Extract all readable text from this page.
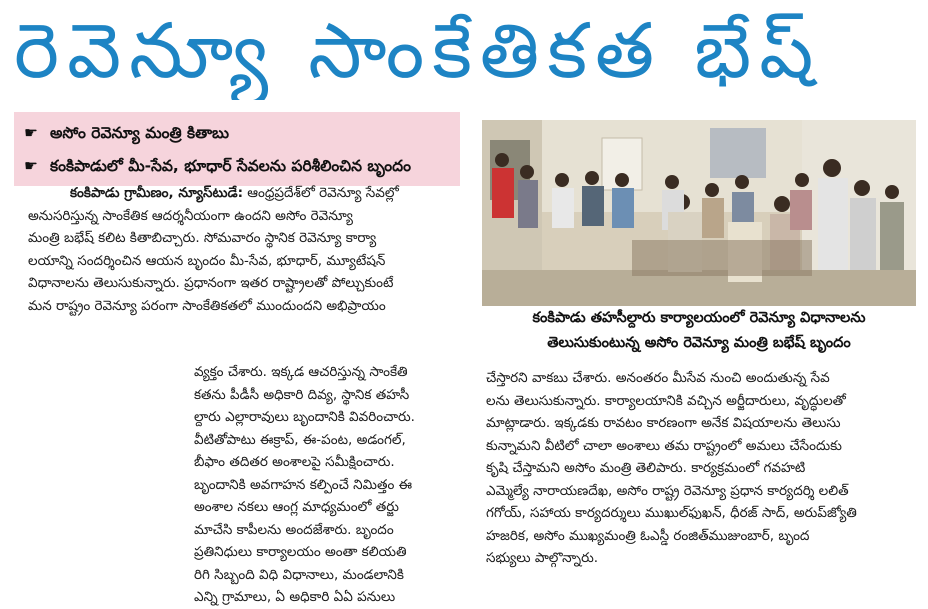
రెవెన్యూ సాంకేతికత భేష్
☛ అసోం రెవెన్యూ మంత్రి కితాబు
☛ కంకిపాడులో మీ-సేవ, భూధార్ సేవలను పరిశీలించిన బృందం

కంకిపాడు గ్రామీణం, న్యూస్‌టుడే: ఆంధ్రప్రదేశ్‌లో రెవెన్యూ సేవల్లో

అనుసరిస్తున్న సాంకేతిక ఆదర్శనీయంగా ఉందని అసోం రెవెన్యూ

మంత్రి బభేష్ కలిట కితాబిచ్చారు. సోమవారం స్థానిక రెవెన్యూ కార్యా

లయాన్ని సందర్శించిన ఆయన బృందం మీ-సేవ, భూధార్, మ్యూటేషన్

విధానాలను తెలుసుకున్నారు. ప్రధానంగా ఇతర రాష్ట్రాలతో పోల్చుకుంటే

మన రాష్ట్రం రెవెన్యూ పరంగా సాంకేతికతలో ముందుందని అభిప్రాయం

వ్యక్తం చేశారు. ఇక్కడ ఆచరిస్తున్న సాంకేతి

కతను పీడీసీ అధికారి దివ్య, స్థానిక తహసీ

ల్దారు ఎల్లారావులు బృందానికి వివరించారు.

వీటితోపాటు ఈక్రాప్, ఈ-పంట, అడంగల్,

బీఫాం తదితర అంశాలపై సమీక్షించారు.

బృందానికి అవగాహన కల్పించే నిమిత్తం ఈ

అంశాల నకలు ఆంగ్ల మాధ్యమంలో తర్జు

మాచేసి కాపీలను అందజేశారు. బృందం

ప్రతినిధులు కార్యాలయం అంతా కలియతి

రిగి సిబ్బంది విధి విధానాలు, మండలానికి

ఎన్ని గ్రామాలు, ఏ అధికారి ఏఏ పనులు

చేస్తారని వాకబు చేశారు. అనంతరం మీసేవ నుంచి అందుతున్న సేవ

లను తెలుసుకున్నారు. కార్యాలయానికి వచ్చిన అర్జీదారులు, వృద్ధులతో

మాట్లాడారు. ఇక్కడకు రావటం కారణంగా అనేక విషయాలను తెలుసు

కున్నామని వీటిలో చాలా అంశాలు తమ రాష్ట్రంలో అమలు చేసేందుకు

కృషి చేస్తామని అసోం మంత్రి తెలిపారు. కార్యక్రమంలో గవహటి

ఎమ్మెల్యే నారాయణదేఖ, అసోం రాష్ట్ర రెవెన్యూ ప్రధాన కార్యదర్శి లలిత్

గగోయ్, సహాయ కార్యదర్శులు ముఖుల్‌ఫుఖన్, ధీరజ్ సాద్, అరుప్‌జ్యోతి

హజరిక, అసోం ముఖ్యమంత్రి ఓఎస్డీ రంజిత్‌ముజుంబార్, బృంద

సభ్యులు పాల్గొన్నారు.

కంకిపాడు తహసీల్దారు కార్యాలయంలో రెవెన్యూ విధానాలను

తెలుసుకుంటున్న అసోం రెవెన్యూ మంత్రి బభేష్ బృందం
